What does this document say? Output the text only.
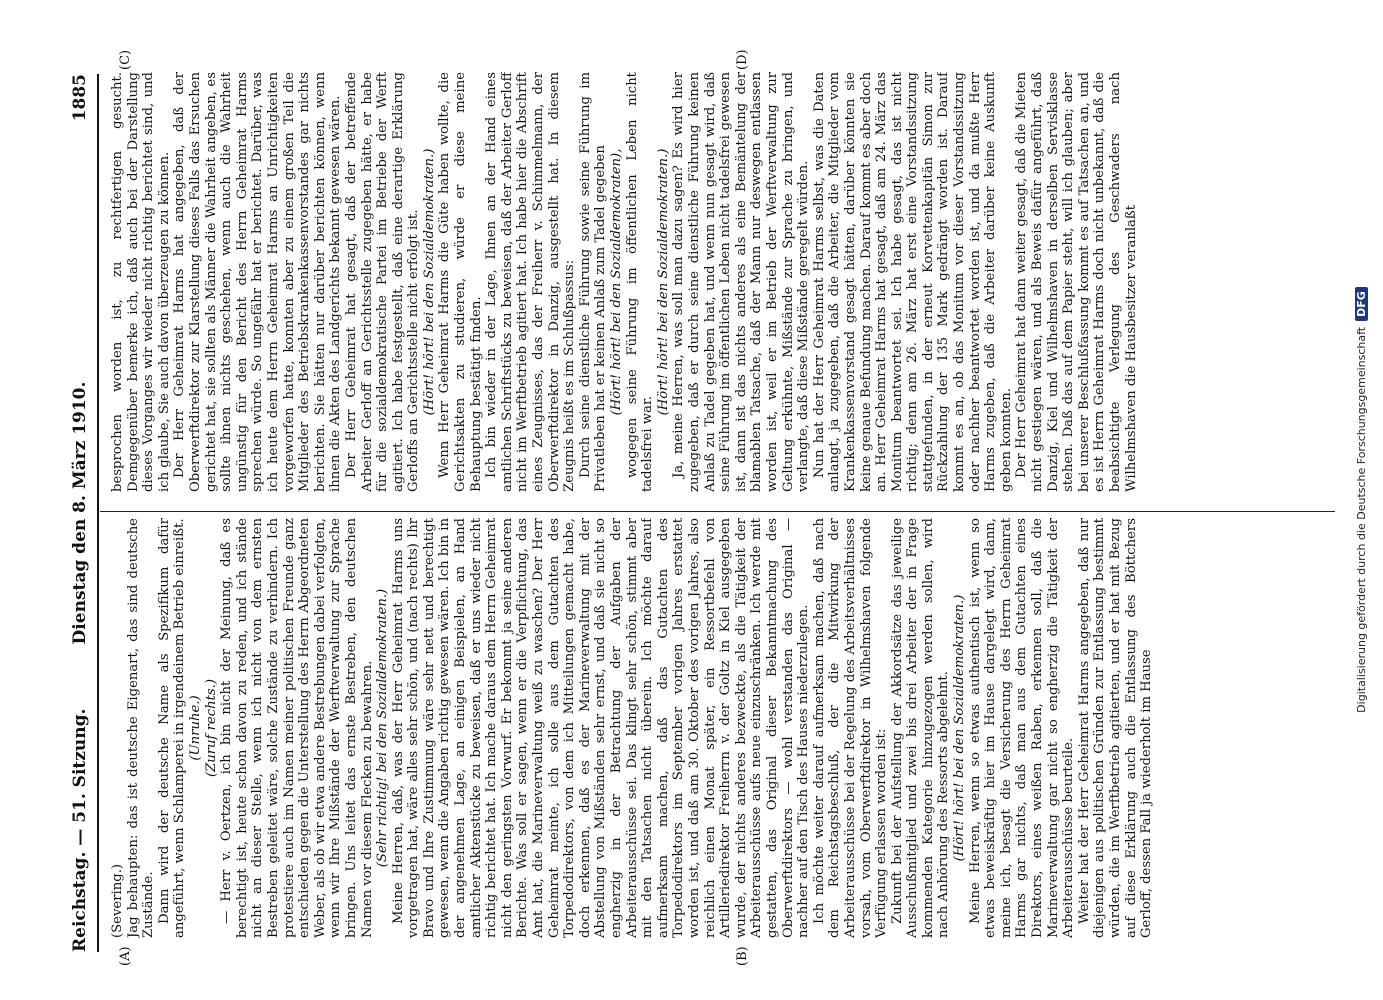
Reichstag. — 51. Sitzung.
Dienstag den 8. März 1910.
1885
(A)	(B)
(C)	(D)

(Severing.) Jag behaupten: das ist deutsche Eigenart, das sind deutsche Zustände. Dann wird der deutsche Name als Spezifikum dafür angeführt, wenn Schlamperei in irgendeinem Betrieb einreißt. (Unruhe.) (Zuruf rechts.) — Herr v. Oertzen, ich bin nicht der Meinung, daß es berechtigt ist, heute schon davon zu reden, und ich stände nicht an dieser Stelle, wenn ich nicht von dem ernsten Bestreben geleitet wäre, solche Zustände zu verhindern. Ich protestiere auch im Namen meiner politischen Freunde ganz entschieden gegen die Unterstellung des Herrn Abgeordneten Weber, als ob wir etwa andere Bestrebungen dabei verfolgten, wenn wir Ihre Mißstände der Werftverwaltung zur Sprache bringen. Uns leitet das ernste Bestreben, den deutschen Namen vor diesem Flecken zu bewahren. (Sehr richtig! bei den Sozialdemokraten.) Meine Herren, daß, was der Herr Geheimrat Harms uns vorgetragen hat, wäre alles sehr schön, und (nach rechts) Ihr Bravo und Ihre Zustimmung wäre sehr nett und berechtigt gewesen, wenn die Angaben richtig gewesen wären. Ich bin in der angenehmen Lage, an einigen Beispielen, an Hand amtlicher Aktenstücke zu beweisen, daß er uns wieder nicht richtig berichtet hat. Ich mache daraus dem Herrn Geheimrat nicht den geringsten Vorwurf. Er bekommt ja seine anderen Berichte. Was soll er sagen, wenn er die Verpflichtung, das Amt hat, die Marineverwaltung weiß zu waschen? Der Herr Geheimrat meinte, ich solle aus dem Gutachten des Torpedodirektors, von dem ich Mitteilungen gemacht habe, doch erkennen, daß es der Marineverwaltung mit der Abstellung von Mißständen sehr ernst, und daß sie nicht so engherzig in der Betrachtung der Aufgaben der Arbeiterausschüsse sei. Das klingt sehr schön, stimmt aber mit den Tatsachen nicht überein. Ich möchte darauf aufmerksam machen, daß das Gutachten des Torpedodirektors im September vorigen Jahres erstattet worden ist, und daß am 30. Oktober des vorigen Jahres, also reichlich einen Monat später, ein Ressortbefehl von Artilleriedirektor Freiherrn v. der Goltz in Kiel ausgegeben wurde, der nichts anderes bezweckte, als die Tätigkeit der Arbeiterausschüsse aufs neue einzuschränken. Ich werde mit gestatten, das Original dieser Bekanntmachung des Oberwerftdirektors — wohl verstanden das Original — nachher auf den Tisch des Hauses niederzulegen. Ich möchte weiter darauf aufmerksam machen, daß nach dem Reichstagsbeschluß, der die Mitwirkung der Arbeiterausschüsse bei der Regelung des Arbeitsverhältnisses vorsah, vom Oberwerftdirektor in Wilhelmshaven folgende Verfügung erlassen worden ist: Zukunft bei der Aufstellung der Akkordsätze das jeweilige Ausschußmitglied und zwei bis drei Arbeiter der in Frage kommenden Kategorie hinzugezogen werden sollen, wird nach Anhörung des Ressorts abgelehnt. (Hört! hört! bei den Sozialdemokraten.) Meine Herren, wenn so etwas authentisch ist, wenn so etwas beweiskräftig hier im Hause dargelegt wird, dann, meine ich, besagt die Versicherung des Herrn Geheimrat Harms gar nichts, daß man aus dem Gutachten eines Direktors, eines weißen Raben, erkennen soll, daß die Marineverwaltung gar nicht so engherzig die Tätigkeit der Arbeiterausschüsse beurteile. Weiter hat der Herr Geheimrat Harms angegeben, daß nur diejenigen aus politischen Gründen zur Entlassung bestimmt würden, die im Werftbetrieb agitierten, und er hat mit Bezug auf diese Erklärung auch die Entlassung des Böttchers Gerloff, dessen Fall ja wiederholt im Hause

besprochen worden ist, zu rechtfertigen gesucht. Demgegenüber bemerke ich, daß auch bei der Darstellung dieses Vorganges wir wieder nicht richtig berichtet sind, und ich glaube, Sie auch davon überzeugen zu können. Der Herr Geheimrat Harms hat angegeben, daß der Oberwerftdirektor zur Klarstellung dieses Falls das Ersuchen gerichtet hat, sie sollten als Männer die Wahrheit angeben, es sollte ihnen nichts geschehen, wenn auch die Wahrheit ungünstig für den Bericht des Herrn Geheimrat Harms sprechen würde. So ungefähr hat er berichtet. Darüber, was ich heute dem Herrn Geheimrat Harms an Unrichtigkeiten vorgeworfen hatte, konnten aber zu einem großen Teil die Mitglieder des Betriebskrankenkassenvorstandes gar nichts berichten. Sie hätten nur darüber berichten können, wenn ihnen die Akten des Landgerichts bekannt gewesen wären. Der Herr Geheimrat hat gesagt, daß der betreffende Arbeiter Gerloff an Gerichtsstelle zugegeben hätte, er habe für die sozialdemokratische Partei im Betriebe der Werft agitiert. Ich habe festgestellt, daß eine derartige Erklärung Gerloffs an Gerichtsstelle nicht erfolgt ist. (Hört! hört! bei den Sozialdemokraten.) Wenn Herr Geheimrat Harms die Güte haben wollte, die Gerichtsakten zu studieren, würde er diese meine Behauptung bestätigt finden. Ich bin wieder in der Lage, Ihnen an der Hand eines amtlichen Schriftstücks zu beweisen, daß der Arbeiter Gerloff nicht im Werftbetrieb agitiert hat. Ich habe hier die Abschrift eines Zeugnisses, das der Freiherr v. Schimmelmann, der Oberwerftdirektor in Danzig, ausgestellt hat. In diesem Zeugnis heißt es im Schlußpassus: Durch seine dienstliche Führung sowie seine Führung im Privatleben hat er keinen Anlaß zum Tadel gegeben (Hört! hört! bei den Sozialdemokraten), wogegen seine Führung im öffentlichen Leben nicht tadelsfrei war.

(Hört! hört! bei den Sozialdemokraten.) Ja, meine Herren, was soll man dazu sagen? Es wird hier zugegeben, daß er durch seine dienstliche Führung keinen Anlaß zu Tadel gegeben hat, und wenn nun gesagt wird, daß seine Führung im öffentlichen Leben nicht tadelsfrei gewesen ist, dann ist das nichts anderes als eine Bemäntelung der blamablen Tatsache, daß der Mann nur deswegen entlassen worden ist, weil er im Betrieb der Werftverwaltung zur Geltung erkühnte, Mißstände zur Sprache zu bringen, und verlangte, daß diese Mißstände geregelt würden. Nun hat der Herr Geheimrat Harms selbst, was die Daten anlangt, ja zugegeben, daß die Arbeiter, die Mitglieder vom Krankenkassenvorstand gesagt hätten, darüber könnten sie keine genaue Befundung machen. Darauf kommt es aber doch an. Herr Geheimrat Harms hat gesagt, daß am 24. März das Monitum beantwortet sei. Ich habe gesagt, das ist nicht richtig; denn am 26. März hat erst eine Vorstandssitzung stattgefunden, in der erneut Korvettenkapitän Simon zur Rückzahlung der 135 Mark gedrängt worden ist. Darauf kommt es an, ob das Monitum vor dieser Vorstandssitzung oder nachher beantwortet worden ist, und da mußte Herr Harms zugeben, daß die Arbeiter darüber keine Auskunft geben konnten. Der Herr Geheimrat hat dann weiter gesagt, daß die Mieten nicht gestiegen wären, und als Beweis dafür angeführt, daß Danzig, Kiel und Wilhelmshaven in derselben Servisklasse stehen. Daß das auf dem Papier steht, will ich glauben; aber bei unserer Beschlußfassung kommt es auf Tatsachen an, und es ist Herrn Geheimrat Harms doch nicht unbekannt, daß die beabsichtigte Verlegung des Geschwaders nach Wilhelmshaven die Hausbesitzer veranlaßt	Digitalisierung gefördert durch die Deutsche ForschungsgemeinschaftDFG
